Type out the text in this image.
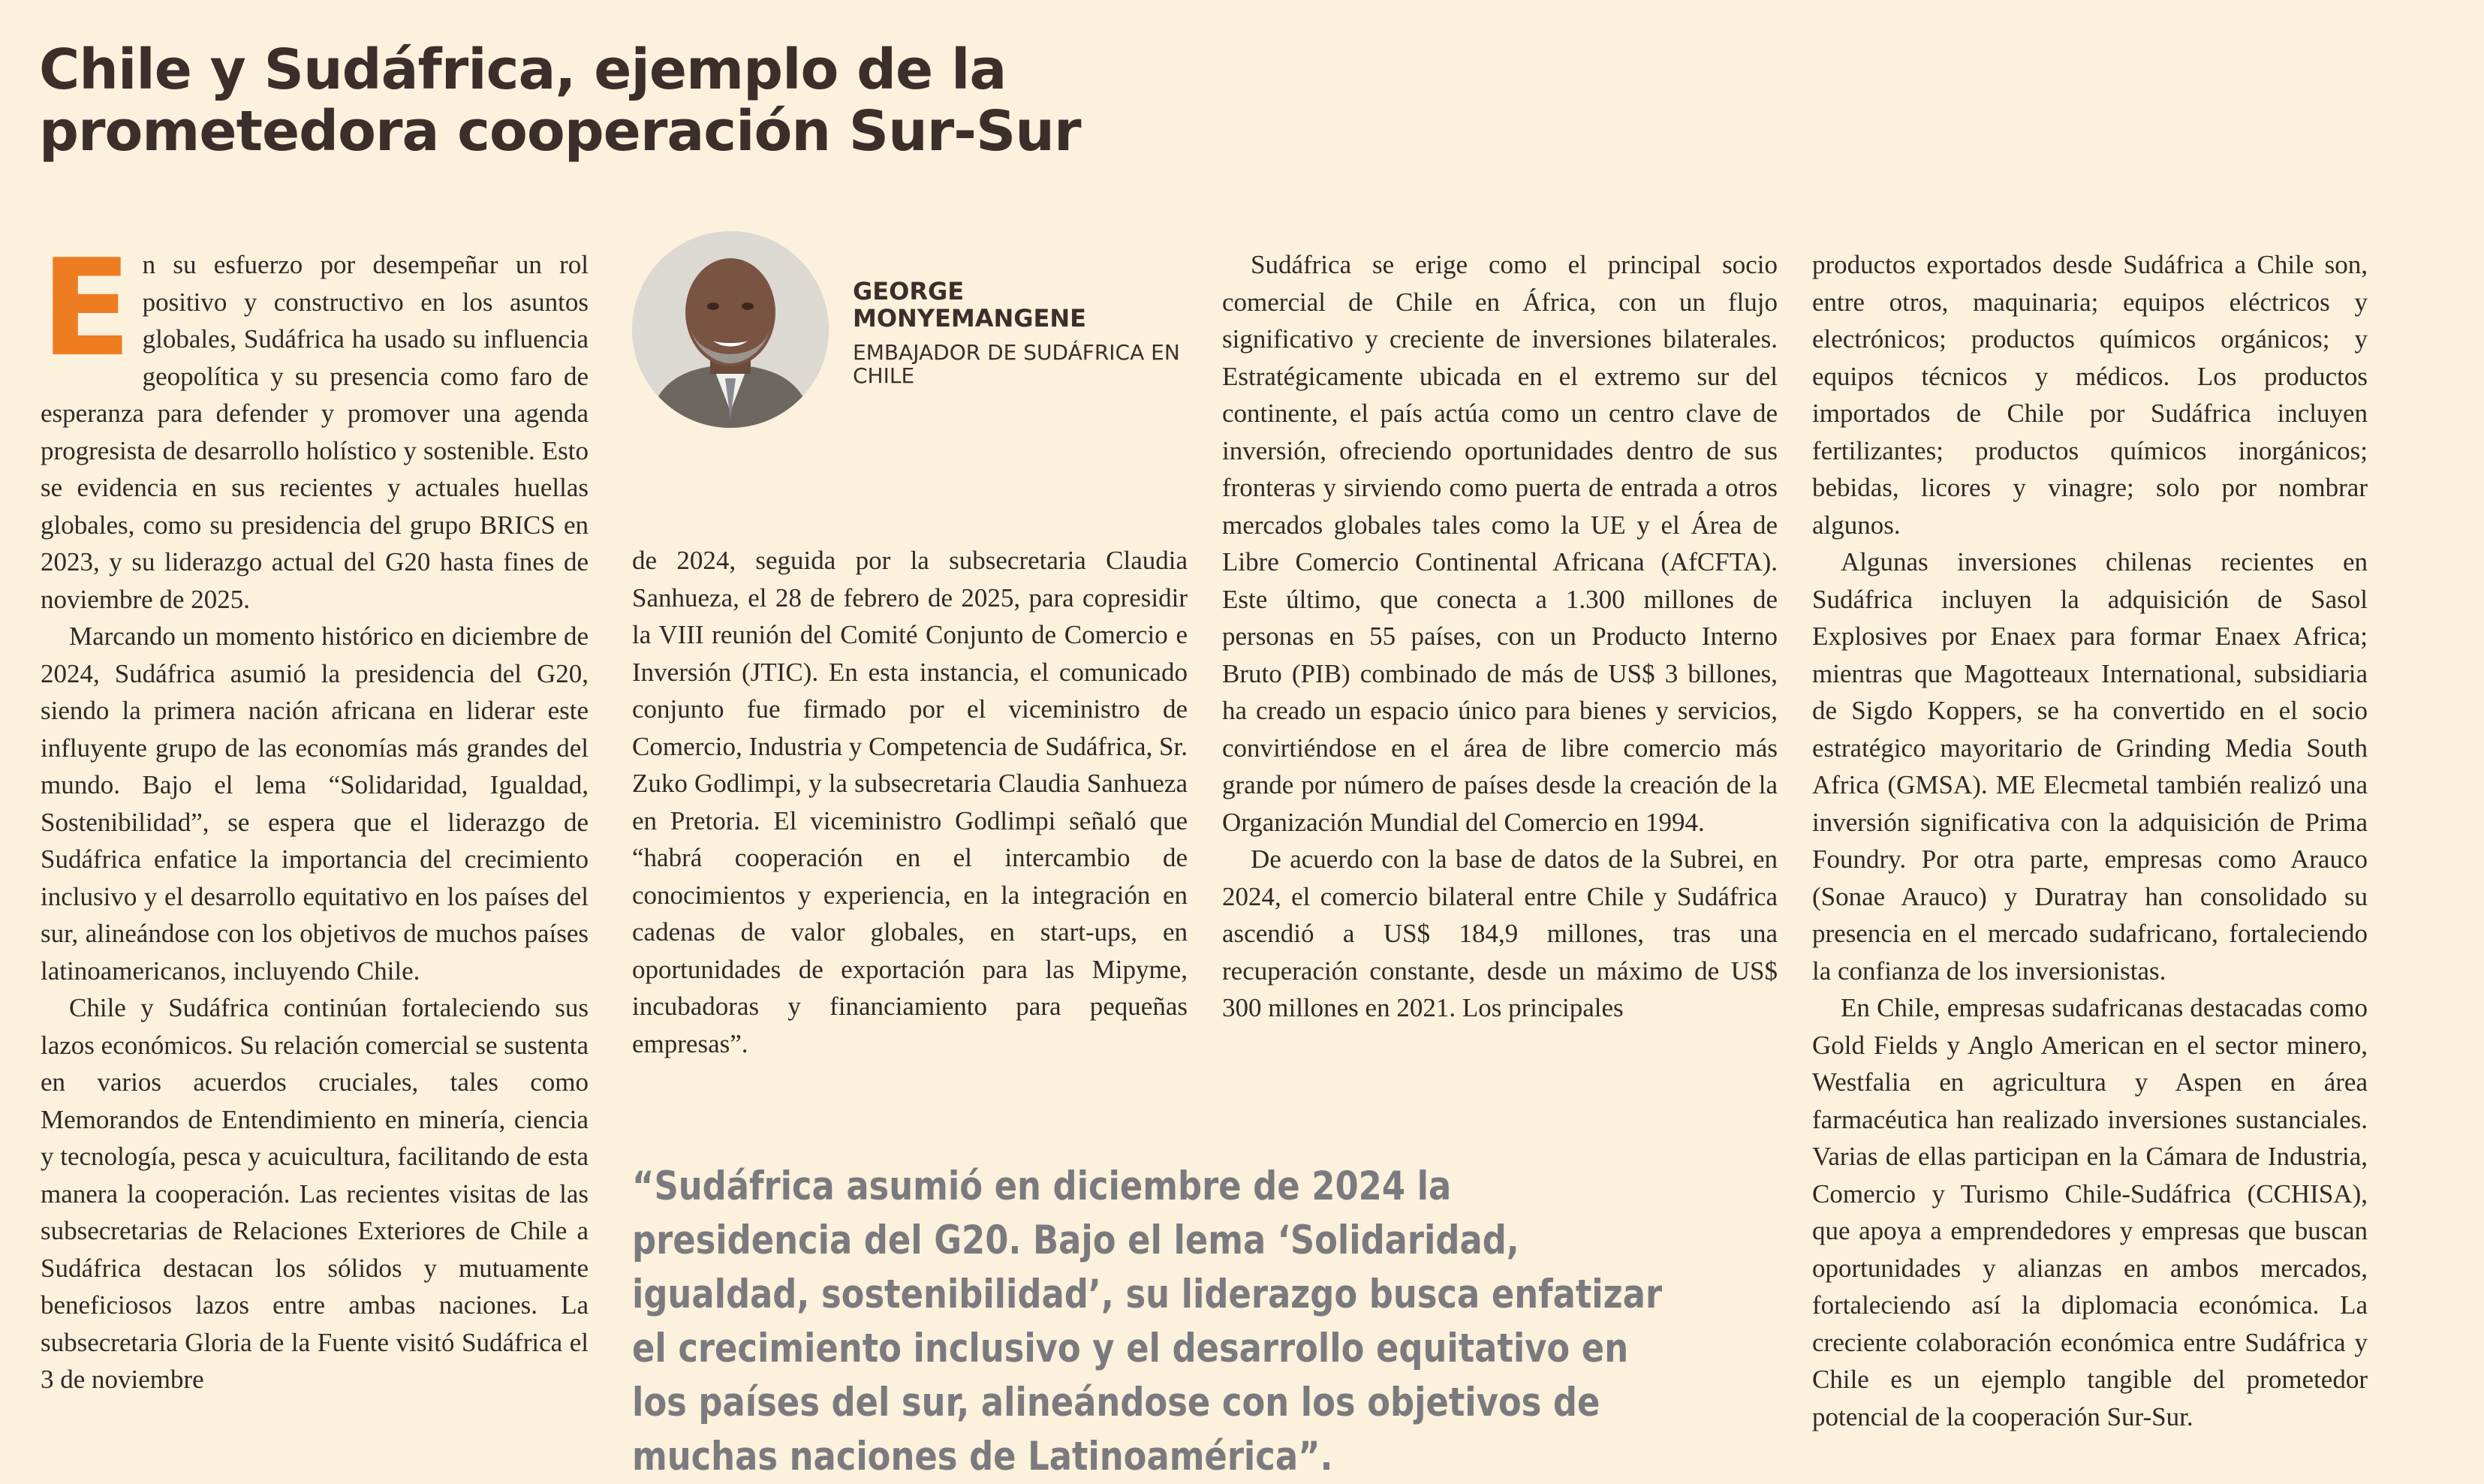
Chile y Sudáfrica, ejemplo de la prometedora cooperación Sur-Sur
E n su esfuerzo por desempeñar un rol positivo y constructivo en los asuntos globales, Sudáfrica ha usado su influencia geopolítica y su presencia como faro de esperanza para defender y promover una agenda progresista de desarrollo holístico y sostenible. Esto se evidencia en sus recientes y actuales huellas globales, como su presidencia del grupo BRICS en 2023, y su liderazgo actual del G20 hasta fines de noviembre de 2025.

Marcando un momento histórico en diciembre de 2024, Sudáfrica asumió la presidencia del G20, siendo la primera nación africana en liderar este influyente grupo de las economías más grandes del mundo. Bajo el lema “Solidaridad, Igualdad, Sostenibilidad”, se espera que el liderazgo de Sudáfrica enfatice la importancia del crecimiento inclusivo y el desarrollo equitativo en los países del sur, alineándose con los objetivos de muchos países latinoamericanos, incluyendo Chile.

Chile y Sudáfrica continúan fortaleciendo sus lazos económicos. Su relación comercial se sustenta en varios acuerdos cruciales, tales como Memorandos de Entendimiento en minería, ciencia y tecnología, pesca y acuicultura, facilitando de esta manera la cooperación. Las recientes visitas de las subsecretarias de Relaciones Exteriores de Chile a Sudáfrica destacan los sólidos y mutuamente beneficiosos lazos entre ambas naciones. La subsecretaria Gloria de la Fuente visitó Sudáfrica el 3 de noviembre

GEORGE MONYEMANGENE

EMBAJADOR DE SUDÁFRICA EN CHILE

de 2024, seguida por la subsecretaria Claudia Sanhueza, el 28 de febrero de 2025, para copresidir la VIII reunión del Comité Conjunto de Comercio e Inversión (JTIC). En esta instancia, el comunicado conjunto fue firmado por el viceministro de Comercio, Industria y Competencia de Sudáfrica, Sr. Zuko Godlimpi, y la subsecretaria Claudia Sanhueza en Pretoria. El viceministro Godlimpi señaló que “habrá cooperación en el intercambio de conocimientos y experiencia, en la integración en cadenas de valor globales, en start-ups, en oportunidades de exportación para las Mipyme, incubadoras y financiamiento para pequeñas empresas”.

Sudáfrica se erige como el principal socio comercial de Chile en África, con un flujo significativo y creciente de inversiones bilaterales. Estratégicamente ubicada en el extremo sur del continente, el país actúa como un centro clave de inversión, ofreciendo oportunidades dentro de sus fronteras y sirviendo como puerta de entrada a otros mercados globales tales como la UE y el Área de Libre Comercio Continental Africana (AfCFTA). Este último, que conecta a 1.300 millones de personas en 55 países, con un Producto Interno Bruto (PIB) combinado de más de US$ 3 billones, ha creado un espacio único para bienes y servicios, convirtiéndose en el área de libre comercio más grande por número de países desde la creación de la Organización Mundial del Comercio en 1994.

De acuerdo con la base de datos de la Subrei, en 2024, el comercio bilateral entre Chile y Sudáfrica ascendió a US$ 184,9 millones, tras una recuperación constante, desde un máximo de US$ 300 millones en 2021. Los principales

productos exportados desde Sudáfrica a Chile son, entre otros, maquinaria; equipos eléctricos y electrónicos; productos químicos orgánicos; y equipos técnicos y médicos. Los productos importados de Chile por Sudáfrica incluyen fertilizantes; productos químicos inorgánicos; bebidas, licores y vinagre; solo por nombrar algunos.

Algunas inversiones chilenas recientes en Sudáfrica incluyen la adquisición de Sasol Explosives por Enaex para formar Enaex Africa; mientras que Magotteaux International, subsidiaria de Sigdo Koppers, se ha convertido en el socio estratégico mayoritario de Grinding Media South Africa (GMSA). ME Elecmetal también realizó una inversión significativa con la adquisición de Prima Foundry. Por otra parte, empresas como Arauco (Sonae Arauco) y Duratray han consolidado su presencia en el mercado sudafricano, fortaleciendo la confianza de los inversionistas.

En Chile, empresas sudafricanas destacadas como Gold Fields y Anglo American en el sector minero, Westfalia en agricultura y Aspen en área farmacéutica han realizado inversiones sustanciales. Varias de ellas participan en la Cámara de Industria, Comercio y Turismo Chile-Sudáfrica (CCHISA), que apoya a emprendedores y empresas que buscan oportunidades y alianzas en ambos mercados, fortaleciendo así la diplomacia económica. La creciente colaboración económica entre Sudáfrica y Chile es un ejemplo tangible del prometedor potencial de la cooperación Sur-Sur.

“Sudáfrica asumió en diciembre de 2024 la presidencia del G20. Bajo el lema ‘Solidaridad, igualdad, sostenibilidad’, su liderazgo busca enfatizar el crecimiento inclusivo y el desarrollo equitativo en los países del sur, alineándose con los objetivos de muchas naciones de Latinoamérica”.
